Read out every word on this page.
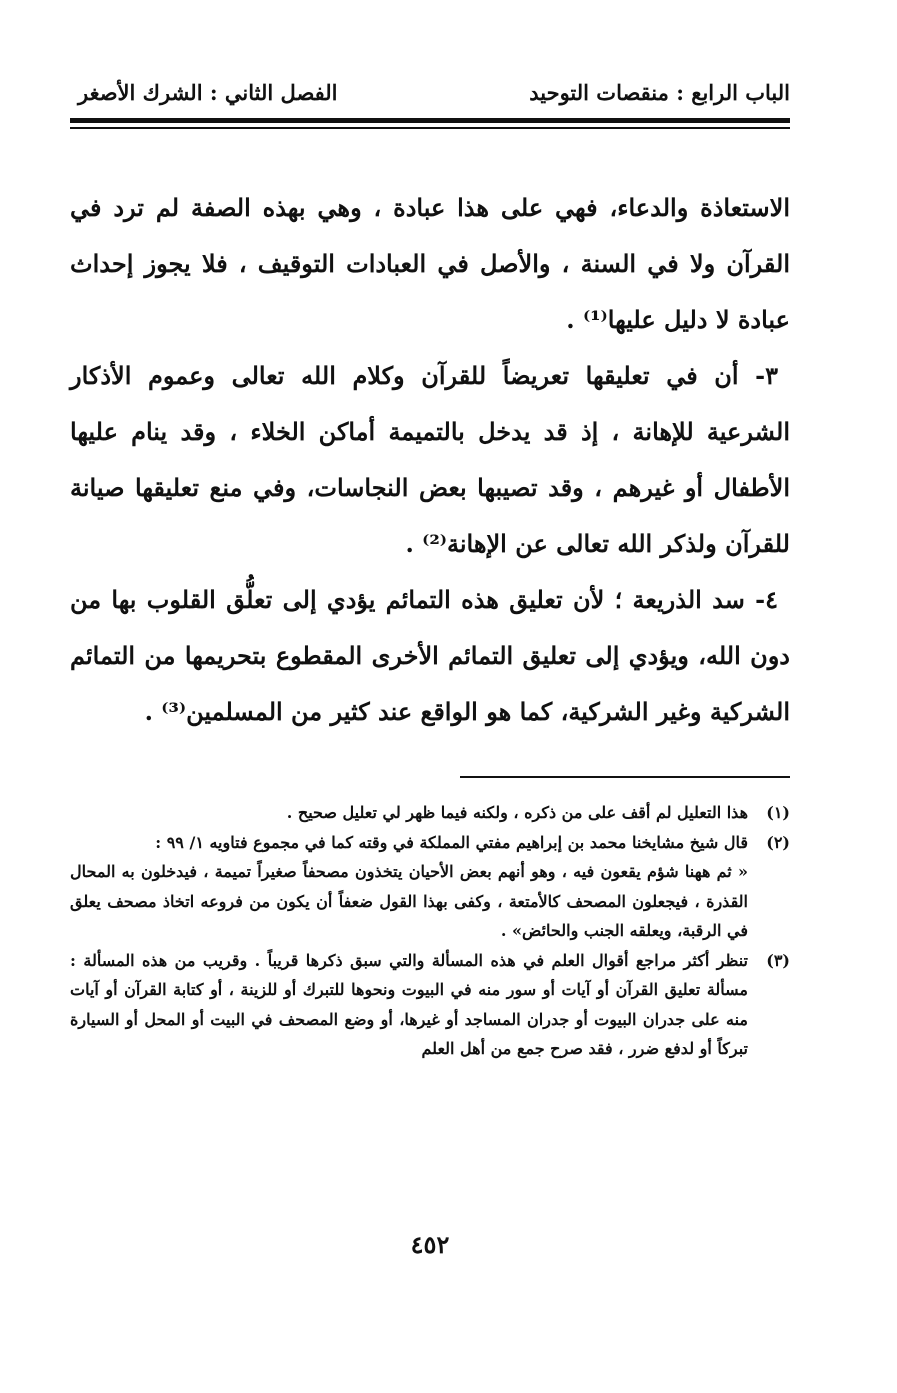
الباب الرابع : منقصات التوحيد
الفصل الثاني : الشرك الأصغر

الاستعاذة والدعاء، فهي على هذا عبادة ، وهي بهذه الصفة لم ترد في القرآن ولا في السنة ، والأصل في العبادات التوقيف ، فلا يجوز إحداث عبادة لا دليل عليها⁽¹⁾ .

٣- أن في تعليقها تعريضاً للقرآن وكلام الله تعالى وعموم الأذكار الشرعية للإهانة ، إذ قد يدخل بالتميمة أماكن الخلاء ، وقد ينام عليها الأطفال أو غيرهم ، وقد تصيبها بعض النجاسات، وفي منع تعليقها صيانة للقرآن ولذكر الله تعالى عن الإهانة⁽²⁾ .

٤- سد الذريعة ؛ لأن تعليق هذه التمائم يؤدي إلى تعلُّق القلوب بها من دون الله، ويؤدي إلى تعليق التمائم الأخرى المقطوع بتحريمها من التمائم الشركية وغير الشركية، كما هو الواقع عند كثير من المسلمين⁽³⁾ .

(١)
هذا التعليل لم أقف على من ذكره ، ولكنه فيما ظهر لي تعليل صحيح .
(٢)
قال شيخ مشايخنا محمد بن إبراهيم مفتي المملكة في وقته كما في مجموع فتاويه ١/ ٩٩ :
« ثم ههنا شؤم يقعون فيه ، وهو أنهم بعض الأحيان يتخذون مصحفاً صغيراً تميمة ، فيدخلون به المحال القذرة ، فيجعلون المصحف كالأمتعة ، وكفى بهذا القول ضعفاً أن يكون من فروعه اتخاذ مصحف يعلق في الرقبة، ويعلقه الجنب والحائض» .
(٣)
تنظر أكثر مراجع أقوال العلم في هذه المسألة والتي سبق ذكرها قريباً . وقريب من هذه المسألة : مسألة تعليق القرآن أو آيات أو سور منه في البيوت ونحوها للتبرك أو للزينة ، أو كتابة القرآن أو آيات منه على جدران البيوت أو جدران المساجد أو غيرها، أو وضع المصحف في البيت أو المحل أو السيارة تبركاً أو لدفع ضرر ، فقد صرح جمع من أهل العلم
٤٥٢
